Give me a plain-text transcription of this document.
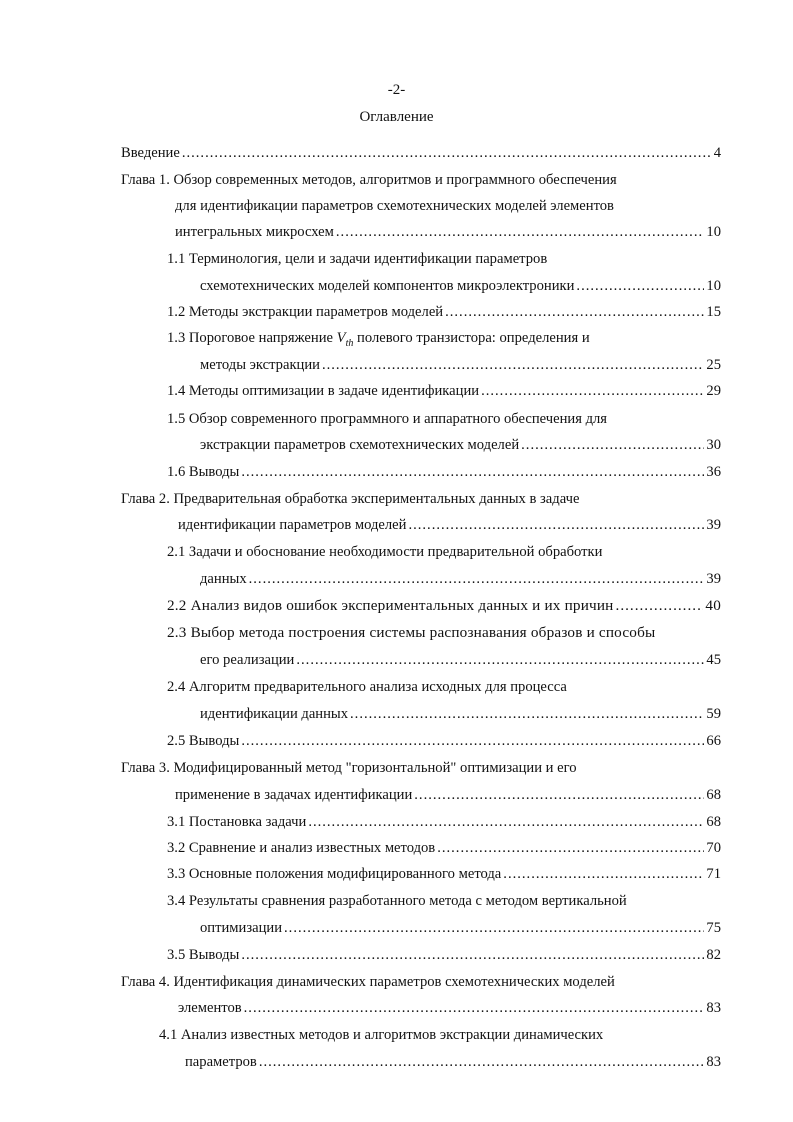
-2-
Оглавление
Введение .....	4
Глава 1. Обзор современных методов, алгоритмов и программного обеспечения
для идентификации параметров схемотехнических моделей элементов
интегральных микросхем .....	10
1.1 Терминология, цели и задачи идентификации параметров
схемотехнических моделей компонентов микроэлектроники .....	10
1.2 Методы экстракции параметров моделей .....	15
1.3 Пороговое напряжение $V_{th}$ полевого транзистора: определения и
методы экстракции .....	25
1.4 Методы оптимизации в задаче идентификации .....	29
1.5 Обзор современного программного и аппаратного обеспечения для
экстракции параметров схемотехнических моделей .....	30
1.6 Выводы .....	36
Глава 2. Предварительная обработка экспериментальных данных в задаче
идентификации параметров моделей .....	39
2.1 Задачи и обоснование необходимости предварительной обработки
данных .....	39
2.2 Анализ видов ошибок экспериментальных данных и их причин .....	40
2.3 Выбор метода построения системы распознавания образов и способы
его реализации .....	45
2.4 Алгоритм предварительного анализа исходных для процесса
идентификации данных .....	59
2.5 Выводы .....	66
Глава 3. Модифицированный метод "горизонтальной" оптимизации и его
применение в задачах идентификации .....	68
3.1 Постановка задачи .....	68
3.2 Сравнение и анализ известных методов .....	70
3.3 Основные положения модифицированного метода .....	71
3.4 Результаты сравнения разработанного метода с методом вертикальной
оптимизации .....	75
3.5 Выводы .....	82
Глава 4. Идентификация динамических параметров схемотехнических моделей
элементов .....	83
4.1 Анализ известных методов и алгоритмов экстракции динамических
параметров .....	83
